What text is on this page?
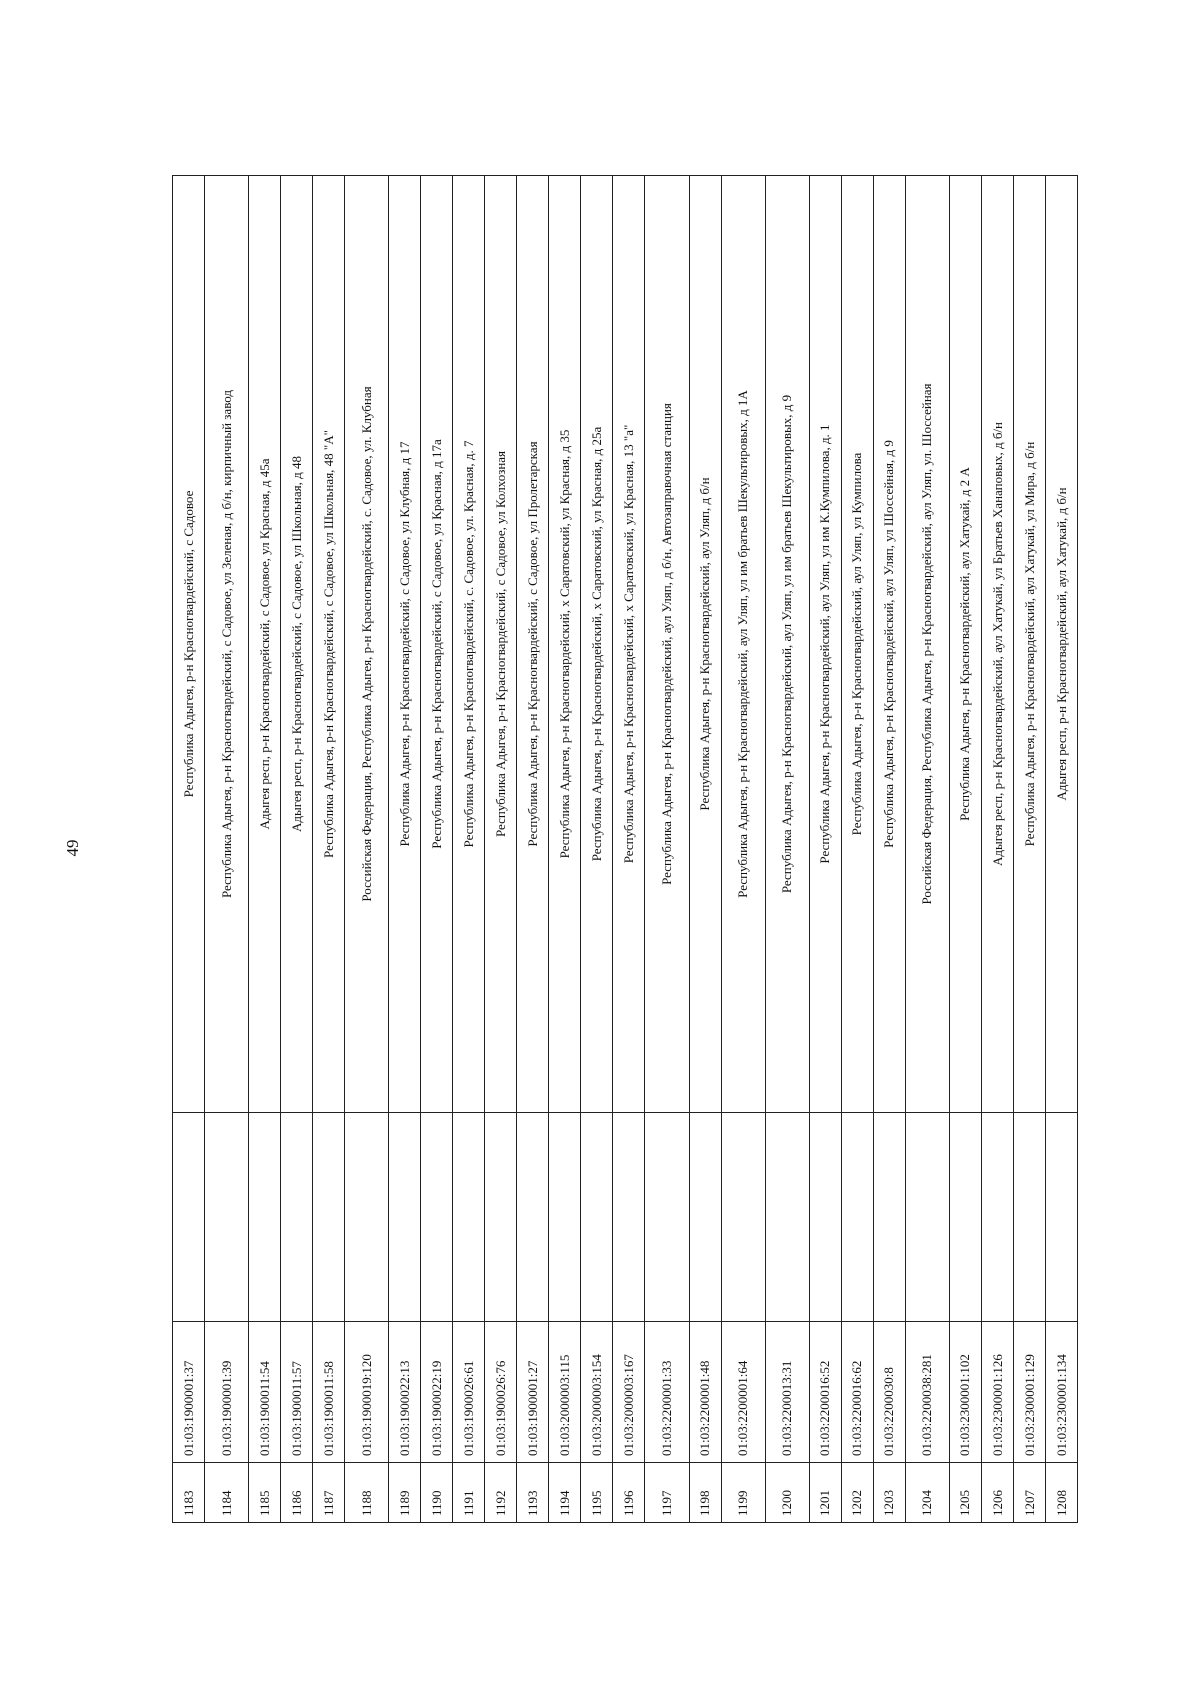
49
1183	01:03:1900001:37		Республика Адыгея, р-н Красногвардейский, с Садовое
1184	01:03:1900001:39		Республика Адыгея, р-н Красногвардейский, с Садовое, ул Зеленая, д б/н, кирпичный завод
1185	01:03:1900011:54		Адыгея респ, р-н Красногвардейский, с Садовое, ул Красная, д 45а
1186	01:03:1900011:57		Адыгея респ, р-н Красногвардейский, с Садовое, ул Школьная, д 48
1187	01:03:1900011:58		Республика Адыгея, р-н Красногвардейский, с Садовое, ул Школьная, 48 "А"
1188	01:03:1900019:120		Российская Федерация, Республика Адыгея, р-н Красногвардейский, с. Садовое, ул. Клубная
1189	01:03:1900022:13		Республика Адыгея, р-н Красногвардейский, с Садовое, ул Клубная, д 17
1190	01:03:1900022:19		Республика Адыгея, р-н Красногвардейский, с Садовое, ул Красная, д 17а
1191	01:03:1900026:61		Республика Адыгея, р-н Красногвардейский, с. Садовое, ул. Красная, д. 7
1192	01:03:1900026:76		Республика Адыгея, р-н Красногвардейский, с Садовое, ул Колхозная
1193	01:03:1900001:27		Республика Адыгея, р-н Красногвардейский, с Садовое, ул Пролетарская
1194	01:03:2000003:115		Республика Адыгея, р-н Красногвардейский, х Саратовский, ул Красная, д 35
1195	01:03:2000003:154		Республика Адыгея, р-н Красногвардейский, х Саратовский, ул Красная, д 25а
1196	01:03:2000003:167		Республика Адыгея, р-н Красногвардейский, х Саратовский, ул Красная, 13 "а"
1197	01:03:2200001:33		Республика Адыгея, р-н Красногвардейский, аул Уляп, д б/н, Автозаправочная станция
1198	01:03:2200001:48		Республика Адыгея, р-н Красногвардейский, аул Уляп, д б/н
1199	01:03:2200001:64		Республика Адыгея, р-н Красногвардейский, аул Уляп, ул им братьев Шекультировых, д 1А
1200	01:03:2200013:31		Республика Адыгея, р-н Красногвардейский, аул Уляп, ул им братьев Шекультировых, д 9
1201	01:03:2200016:52		Республика Адыгея, р-н Красногвардейский, аул Уляп, ул им К.Кумпилова, д. 1
1202	01:03:2200016:62		Республика Адыгея, р-н Красногвардейский, аул Уляп, ул Кумпилова
1203	01:03:2200030:8		Республика Адыгея, р-н Красногвардейский, аул Уляп, ул Шоссейная, д 9
1204	01:03:2200038:281		Российская Федерация, Республика Адыгея, р-н Красногвардейский, аул Уляп, ул. Шоссейная
1205	01:03:2300001:102		Республика Адыгея, р-н Красногвардейский, аул Хатукай, д 2 А
1206	01:03:2300001:126		Адыгея респ, р-н Красногвардейский, аул Хатукай, ул Братьев Ханаповых, д б/н
1207	01:03:2300001:129		Республика Адыгея, р-н Красногвардейский, аул Хатукай, ул Мира, д б/н
1208	01:03:2300001:134		Адыгея респ, р-н Красногвардейский, аул Хатукай, д б/н
